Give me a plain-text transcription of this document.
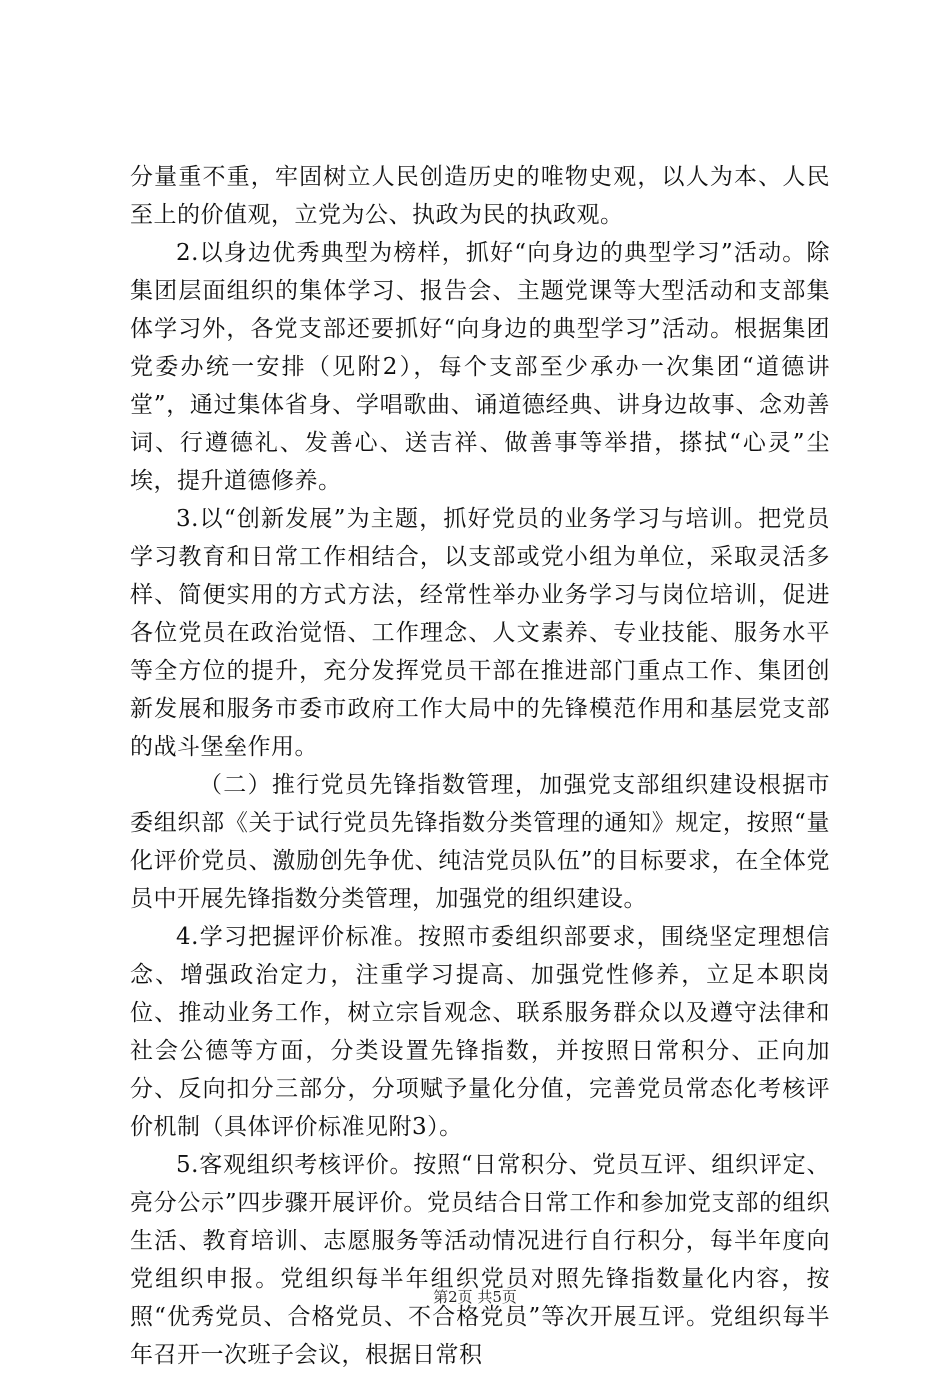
分量重不重，牢固树立人民创造历史的唯物史观，以人为本、人民至上的价值观，立党为公、执政为民的执政观。

2.以身边优秀典型为榜样，抓好“向身边的典型学习”活动。除集团层面组织的集体学习、报告会、主题党课等大型活动和支部集体学习外，各党支部还要抓好“向身边的典型学习”活动。根据集团党委办统一安排（见附2），每个支部至少承办一次集团“道德讲堂”，通过集体省身、学唱歌曲、诵道德经典、讲身边故事、念劝善词、行遵德礼、发善心、送吉祥、做善事等举措，搽拭“心灵”尘埃，提升道德修养。

3.以“创新发展”为主题，抓好党员的业务学习与培训。把党员学习教育和日常工作相结合，以支部或党小组为单位，采取灵活多样、简便实用的方式方法，经常性举办业务学习与岗位培训，促进各位党员在政治觉悟、工作理念、人文素养、专业技能、服务水平等全方位的提升，充分发挥党员干部在推进部门重点工作、集团创新发展和服务市委市政府工作大局中的先锋模范作用和基层党支部的战斗堡垒作用。

（二）推行党员先锋指数管理，加强党支部组织建设根据市委组织部《关于试行党员先锋指数分类管理的通知》规定，按照“量化评价党员、激励创先争优、纯洁党员队伍”的目标要求，在全体党员中开展先锋指数分类管理，加强党的组织建设。

4.学习把握评价标准。按照市委组织部要求，围绕坚定理想信念、增强政治定力，注重学习提高、加强党性修养，立足本职岗位、推动业务工作，树立宗旨观念、联系服务群众以及遵守法律和社会公德等方面，分类设置先锋指数，并按照日常积分、正向加分、反向扣分三部分，分项赋予量化分值，完善党员常态化考核评价机制（具体评价标准见附3）。

5.客观组织考核评价。按照“日常积分、党员互评、组织评定、亮分公示”四步骤开展评价。党员结合日常工作和参加党支部的组织生活、教育培训、志愿服务等活动情况进行自行积分，每半年度向党组织申报。党组织每半年组织党员对照先锋指数量化内容，按照“优秀党员、合格党员、不合格党员”等次开展互评。党组织每半年召开一次班子会议，根据日常积

第2页 共5页
